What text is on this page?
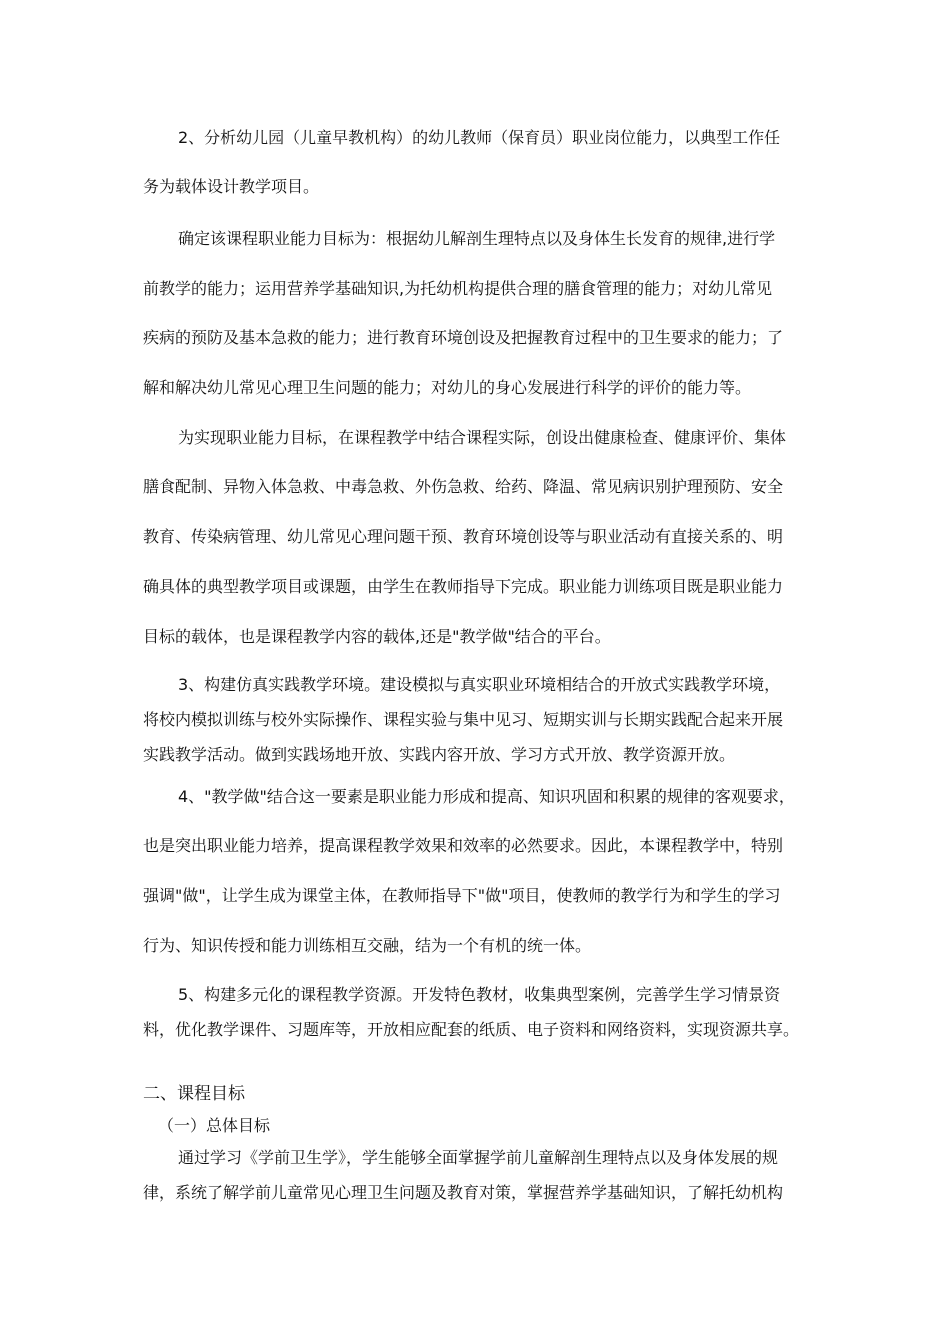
2、分析幼儿园（儿童早教机构）的幼儿教师（保育员）职业岗位能力，以典型工作任
务为载体设计教学项目。
确定该课程职业能力目标为：根据幼儿解剖生理特点以及身体生长发育的规律,进行学
前教学的能力；运用营养学基础知识,为托幼机构提供合理的膳食管理的能力；对幼儿常见
疾病的预防及基本急救的能力；进行教育环境创设及把握教育过程中的卫生要求的能力；了
解和解决幼儿常见心理卫生问题的能力；对幼儿的身心发展进行科学的评价的能力等。
为实现职业能力目标，在课程教学中结合课程实际，创设出健康检查、健康评价、集体
膳食配制、异物入体急救、中毒急救、外伤急救、给药、降温、常见病识别护理预防、安全
教育、传染病管理、幼儿常见心理问题干预、教育环境创设等与职业活动有直接关系的、明
确具体的典型教学项目或课题，由学生在教师指导下完成。职业能力训练项目既是职业能力
目标的载体，也是课程教学内容的载体,还是"教学做"结合的平台。
3、构建仿真实践教学环境。建设模拟与真实职业环境相结合的开放式实践教学环境，
将校内模拟训练与校外实际操作、课程实验与集中见习、短期实训与长期实践配合起来开展
实践教学活动。做到实践场地开放、实践内容开放、学习方式开放、教学资源开放。
4、"教学做"结合这一要素是职业能力形成和提高、知识巩固和积累的规律的客观要求，
也是突出职业能力培养，提高课程教学效果和效率的必然要求。因此，本课程教学中，特别
强调"做"，让学生成为课堂主体，在教师指导下"做"项目，使教师的教学行为和学生的学习
行为、知识传授和能力训练相互交融，结为一个有机的统一体。
5、构建多元化的课程教学资源。开发特色教材，收集典型案例，完善学生学习情景资
料，优化教学课件、习题库等，开放相应配套的纸质、电子资料和网络资料，实现资源共享。
二、课程目标
（一）总体目标
通过学习《学前卫生学》，学生能够全面掌握学前儿童解剖生理特点以及身体发展的规
律，系统了解学前儿童常见心理卫生问题及教育对策，掌握营养学基础知识，了解托幼机构
